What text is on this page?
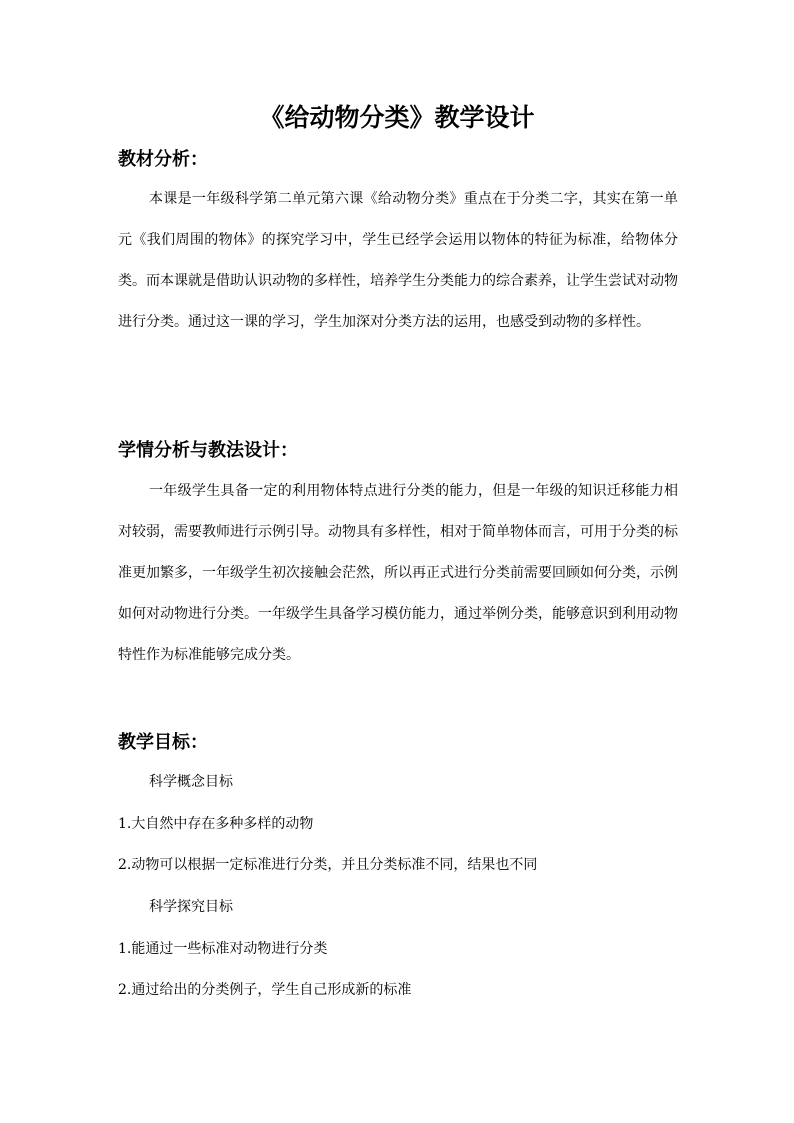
《给动物分类》教学设计
教材分析：
本课是一年级科学第二单元第六课《给动物分类》重点在于分类二字，其实在第一单元《我们周围的物体》的探究学习中，学生已经学会运用以物体的特征为标准，给物体分类。而本课就是借助认识动物的多样性，培养学生分类能力的综合素养，让学生尝试对动物进行分类。通过这一课的学习，学生加深对分类方法的运用，也感受到动物的多样性。
学情分析与教法设计：
一年级学生具备一定的利用物体特点进行分类的能力，但是一年级的知识迁移能力相对较弱，需要教师进行示例引导。动物具有多样性，相对于简单物体而言，可用于分类的标准更加繁多，一年级学生初次接触会茫然，所以再正式进行分类前需要回顾如何分类，示例如何对动物进行分类。一年级学生具备学习模仿能力，通过举例分类，能够意识到利用动物特性作为标准能够完成分类。
教学目标：
科学概念目标
1.大自然中存在多种多样的动物
2.动物可以根据一定标准进行分类，并且分类标准不同，结果也不同
科学探究目标
1.能通过一些标准对动物进行分类
2.通过给出的分类例子，学生自己形成新的标准
